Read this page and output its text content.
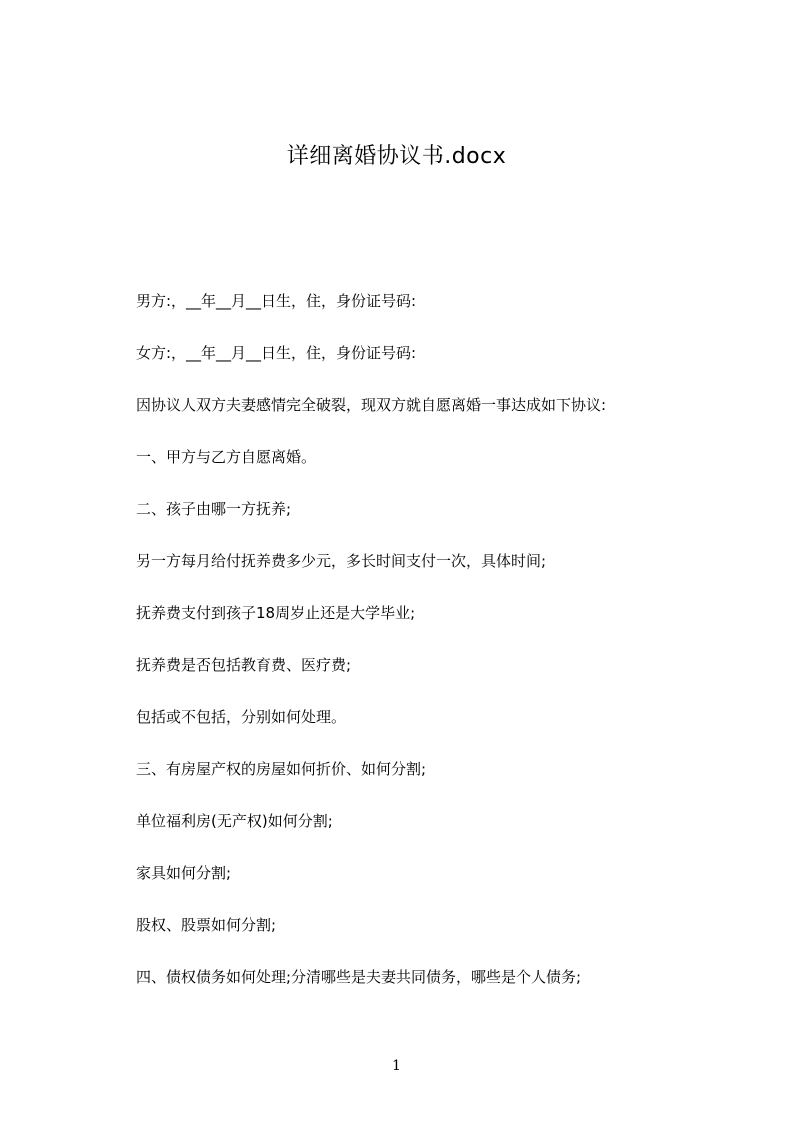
详细离婚协议书.docx

男方:，__年__月__日生，住，身份证号码:

女方:，__年__月__日生，住，身份证号码:

因协议人双方夫妻感情完全破裂，现双方就自愿离婚一事达成如下协议:

一、甲方与乙方自愿离婚。

二、孩子由哪一方抚养;

另一方每月给付抚养费多少元，多长时间支付一次，具体时间;

抚养费支付到孩子18周岁止还是大学毕业;

抚养费是否包括教育费、医疗费;

包括或不包括，分别如何处理。

三、有房屋产权的房屋如何折价、如何分割;

单位福利房(无产权)如何分割;

家具如何分割;

股权、股票如何分割;

四、债权债务如何处理;分清哪些是夫妻共同债务，哪些是个人债务;

1
